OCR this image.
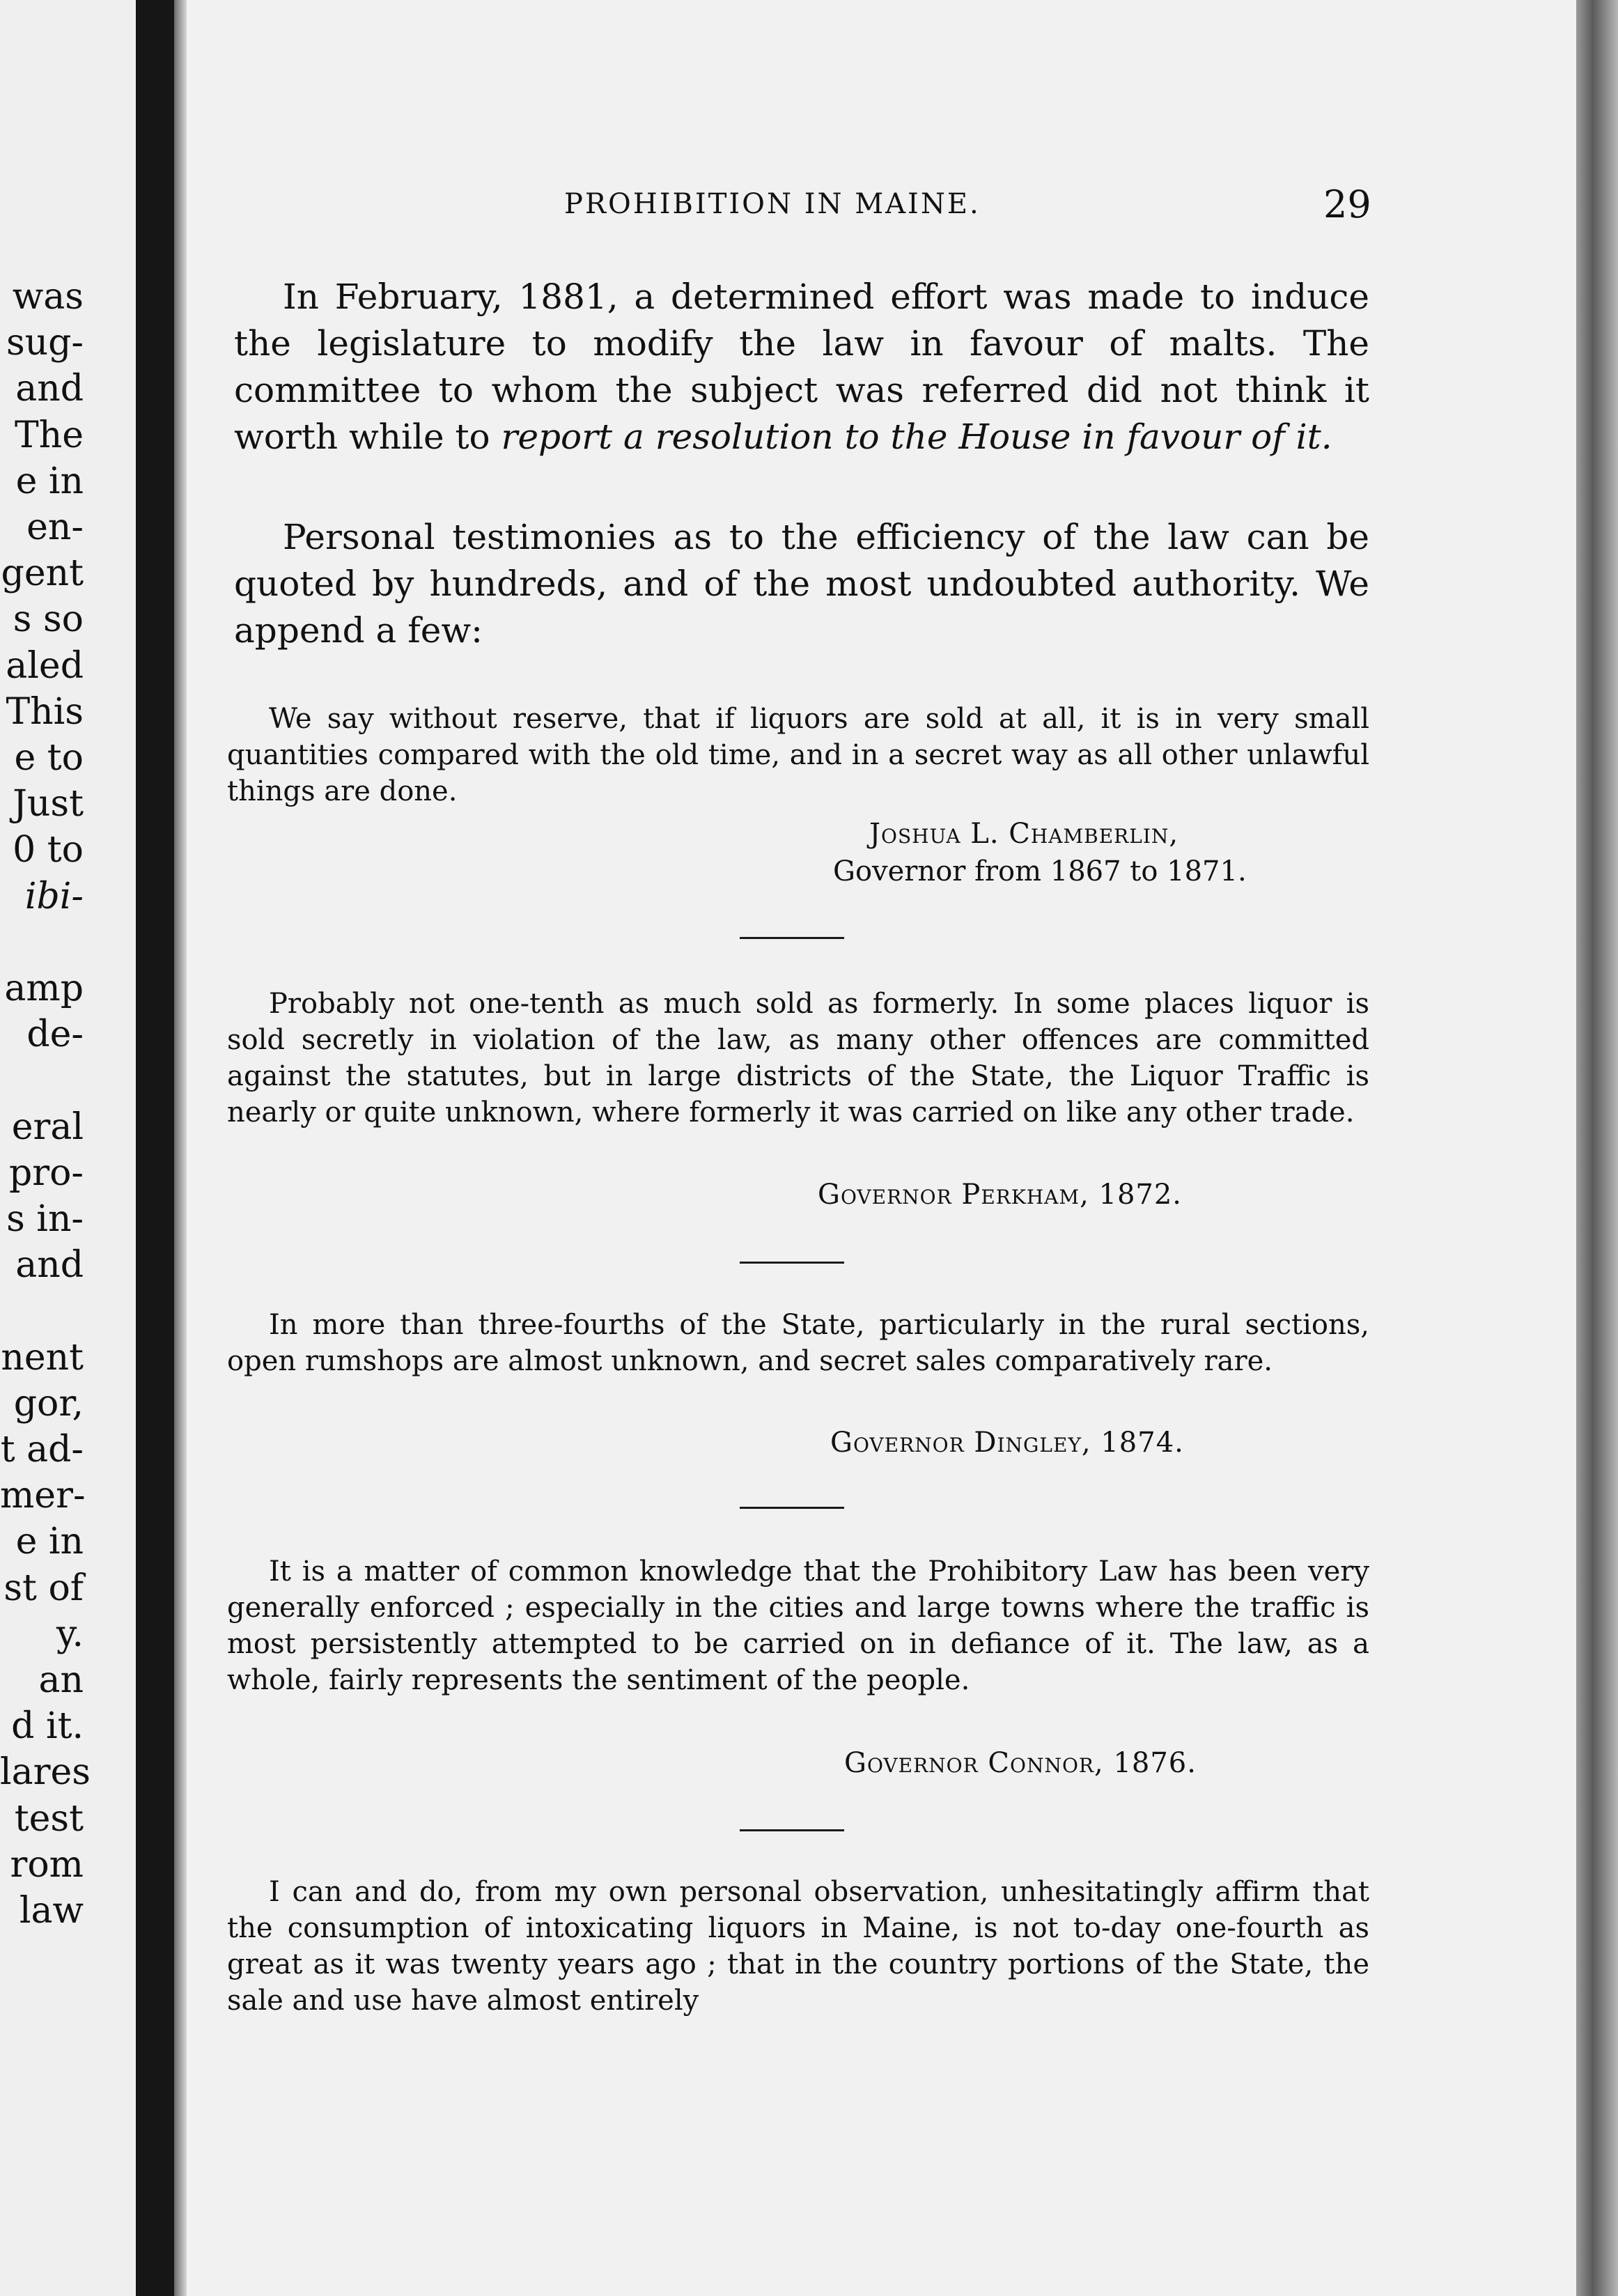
was
sug-
and
The
e in
en-
gent
s so
aled
This
e to
Just
0 to
ibi-
amp
de-
eral
pro-
s in-
and
nent
gor,
t ad-
mer-
e in
st of
y.
an
d it.
lares
test
rom
law
PROHIBITION IN MAINE.	29

In February, 1881, a determined effort was made to induce the legislature to modify the law in favour of malts. The committee to whom the subject was referred did not think it worth while to report a resolution to the House in favour of it.

Personal testimonies as to the efficiency of the law can be quoted by hundreds, and of the most undoubted authority. We append a few:

We say without reserve, that if liquors are sold at all, it is in very small quantities compared with the old time, and in a secret way as all other unlawful things are done.

Joshua L. Chamberlin,
Governor from 1867 to 1871.

Probably not one-tenth as much sold as formerly. In some places liquor is sold secretly in violation of the law, as many other offences are committed against the statutes, but in large districts of the State, the Liquor Traffic is nearly or quite unknown, where formerly it was carried on like any other trade.

Governor Perkham, 1872.

In more than three-fourths of the State, particularly in the rural sections, open rumshops are almost unknown, and secret sales comparatively rare.

Governor Dingley, 1874.

It is a matter of common knowledge that the Prohibitory Law has been very generally enforced ; especially in the cities and large towns where the traffic is most persistently attempted to be carried on in defiance of it. The law, as a whole, fairly represents the sentiment of the people.

Governor Connor, 1876.

I can and do, from my own personal observation, unhesitatingly affirm that the consumption of intoxicating liquors in Maine, is not to-day one-fourth as great as it was twenty years ago ; that in the country portions of the State, the sale and use have almost entirely
